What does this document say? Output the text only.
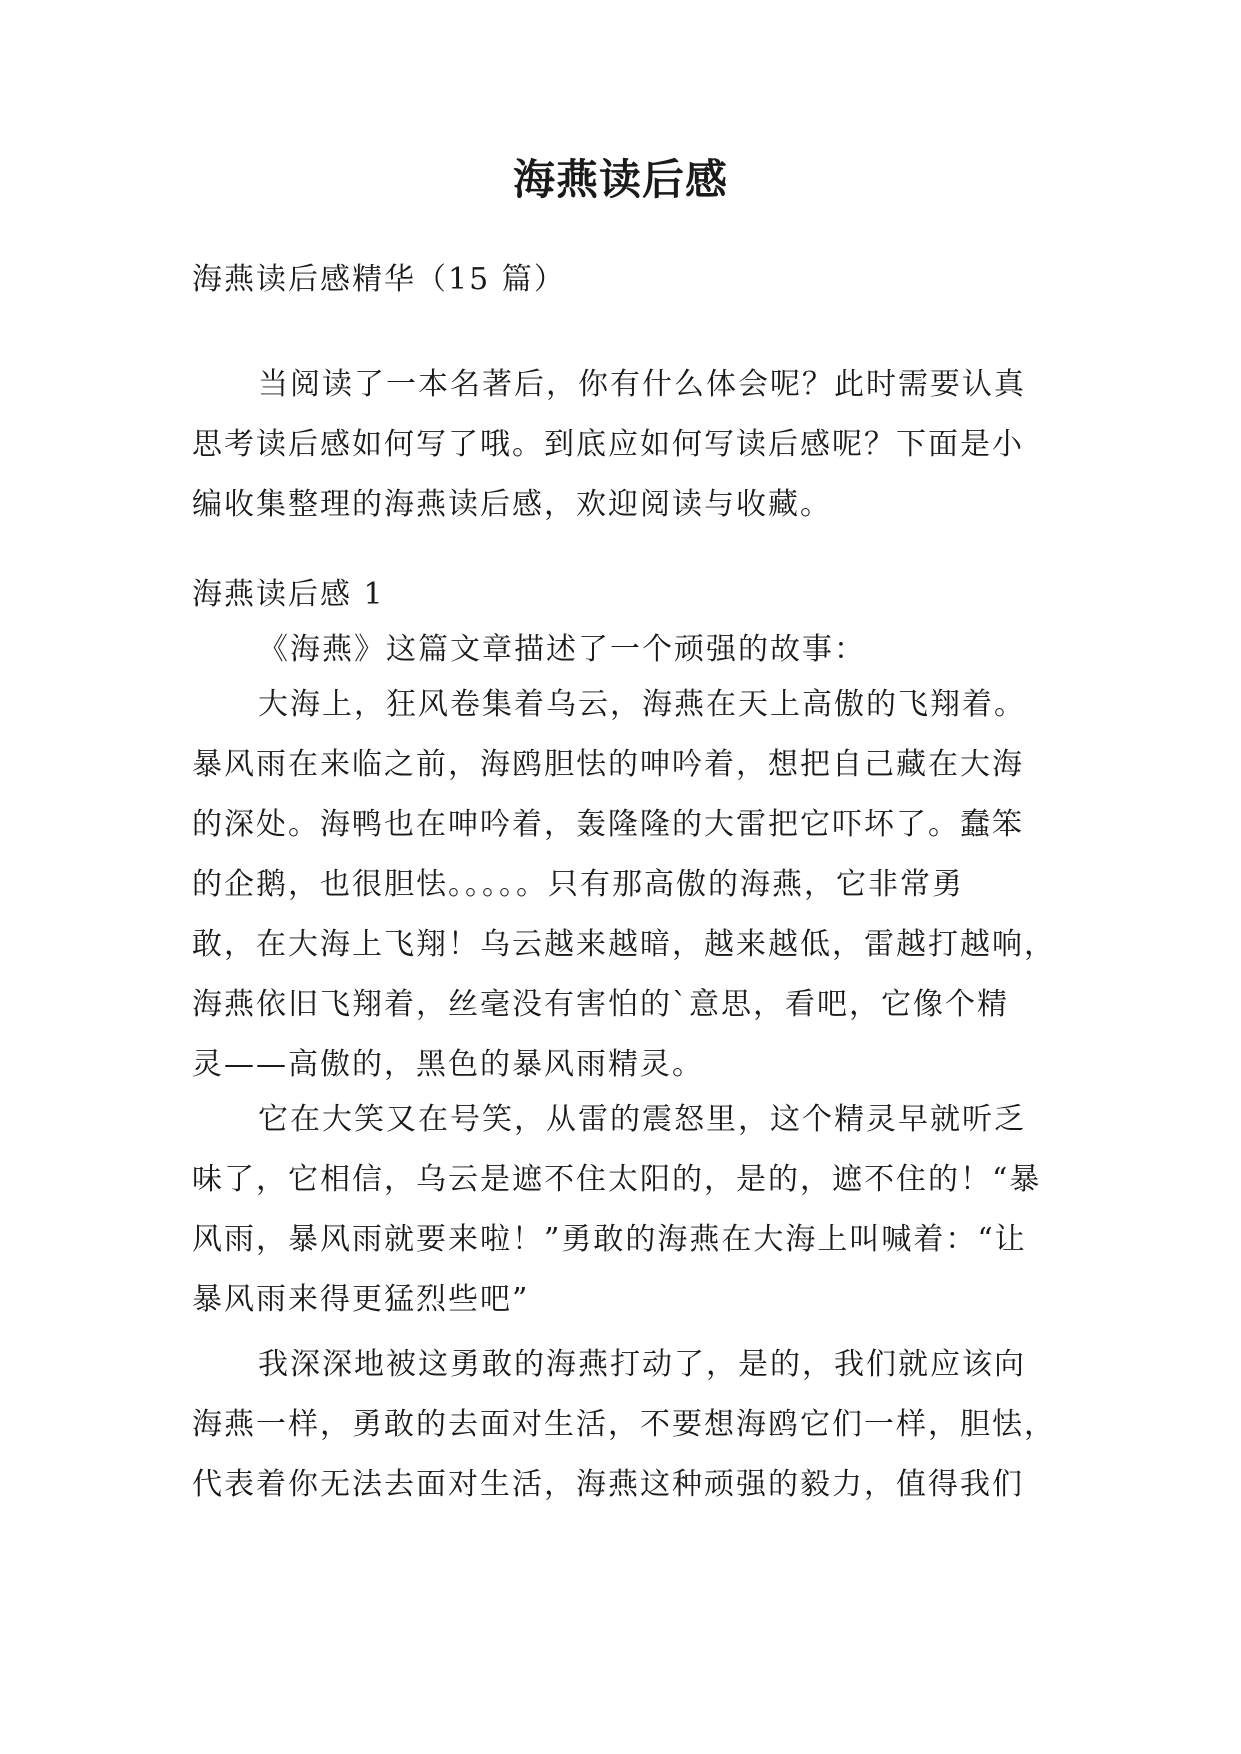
海燕读后感
海燕读后感精华（15 篇）
当阅读了一本名著后，你有什么体会呢？此时需要认真
思考读后感如何写了哦。到底应如何写读后感呢？下面是小
编收集整理的海燕读后感，欢迎阅读与收藏。
海燕读后感 1
《海燕》这篇文章描述了一个顽强的故事：
大海上，狂风卷集着乌云，海燕在天上高傲的飞翔着。
暴风雨在来临之前，海鸥胆怯的呻吟着，想把自己藏在大海
的深处。海鸭也在呻吟着，轰隆隆的大雷把它吓坏了。蠢笨
的企鹅，也很胆怯。。。。。只有那高傲的海燕，它非常勇
敢，在大海上飞翔！乌云越来越暗，越来越低，雷越打越响，
海燕依旧飞翔着，丝毫没有害怕的`意思，看吧，它像个精
灵——高傲的，黑色的暴风雨精灵。
它在大笑又在号笑，从雷的震怒里，这个精灵早就听乏
味了，它相信，乌云是遮不住太阳的，是的，遮不住的！“暴
风雨，暴风雨就要来啦！”勇敢的海燕在大海上叫喊着：“让
暴风雨来得更猛烈些吧”
我深深地被这勇敢的海燕打动了，是的，我们就应该向
海燕一样，勇敢的去面对生活，不要想海鸥它们一样，胆怯，
代表着你无法去面对生活，海燕这种顽强的毅力，值得我们
